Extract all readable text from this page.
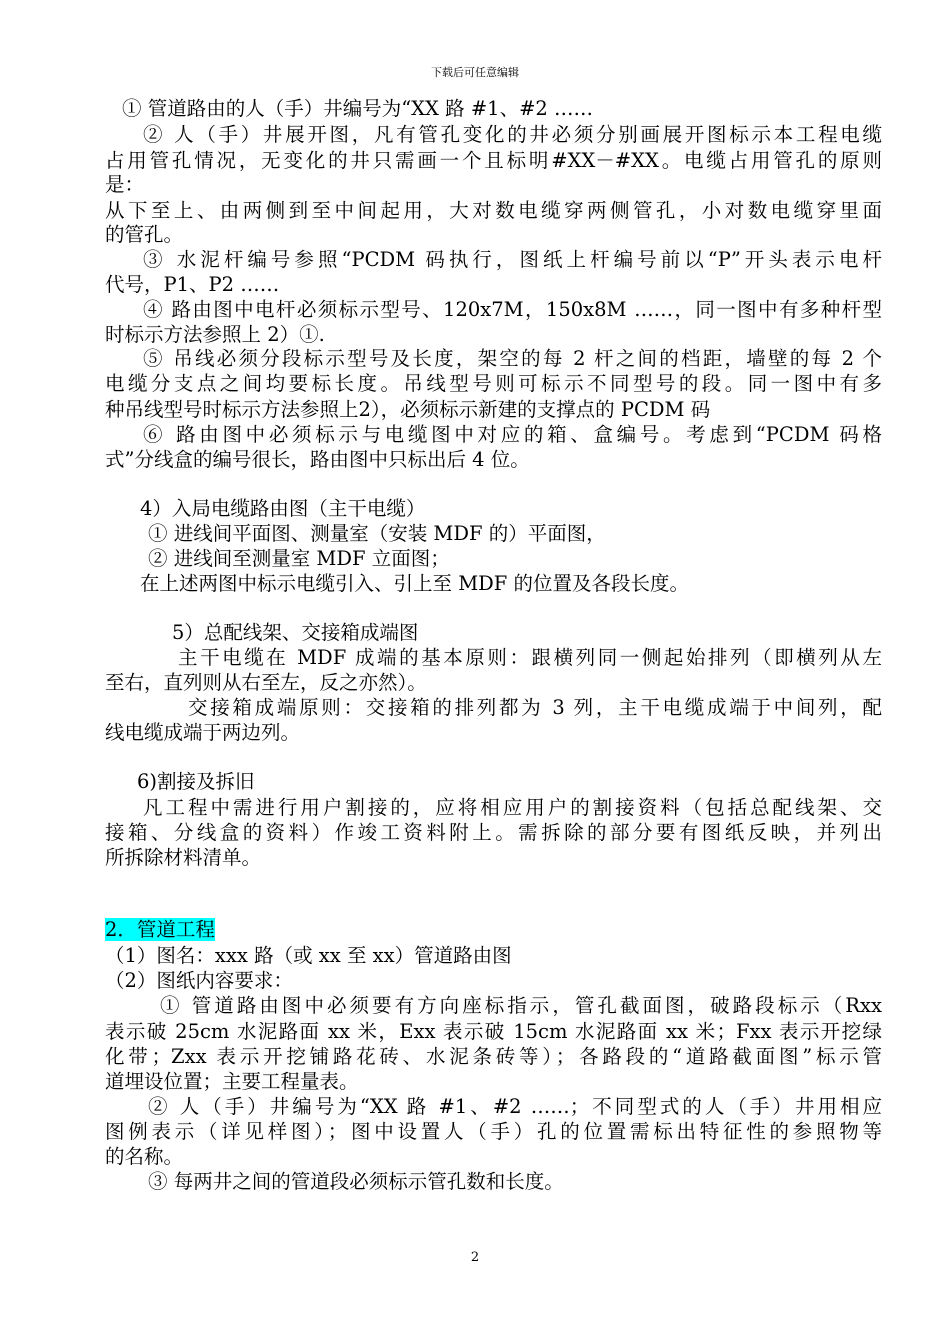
下载后可任意编辑
① 管道路由的人（手）井编号为“XX 路 #1、#2 ……
② 人（手）井展开图，凡有管孔变化的井必须分别画展开图标示本工程电缆
占用管孔情况，无变化的井只需画一个且标明#XX－#XX。电缆占用管孔的原则
是：
从下至上、由两侧到至中间起用，大对数电缆穿两侧管孔，小对数电缆穿里面
的管孔。
③ 水泥杆编号参照“PCDM 码执行，图纸上杆编号前以“P”开头表示电杆
代号，P1、P2 ……
④ 路由图中电杆必须标示型号、120x7M，150x8M ……，同一图中有多种杆型
时标示方法参照上 2）①.
⑤ 吊线必须分段标示型号及长度，架空的每 2 杆之间的档距，墙壁的每 2 个
电缆分支点之间均要标长度。吊线型号则可标示不同型号的段。同一图中有多
种吊线型号时标示方法参照上2），必须标示新建的支撑点的 PCDM 码
⑥ 路由图中必须标示与电缆图中对应的箱、盒编号。考虑到“PCDM 码格
式”分线盒的编号很长，路由图中只标出后 4 位。
4）入局电缆路由图（主干电缆）
① 进线间平面图、测量室（安装 MDF 的）平面图，
② 进线间至测量室 MDF 立面图；
在上述两图中标示电缆引入、引上至 MDF 的位置及各段长度。
5）总配线架、交接箱成端图
主干电缆在 MDF 成端的基本原则：跟横列同一侧起始排列（即横列从左
至右，直列则从右至左，反之亦然）。
交接箱成端原则：交接箱的排列都为 3 列，主干电缆成端于中间列，配
线电缆成端于两边列。
6)割接及拆旧
凡工程中需进行用户割接的，应将相应用户的割接资料（包括总配线架、交
接箱、分线盒的资料）作竣工资料附上。需拆除的部分要有图纸反映，并列出
所拆除材料清单。
2．管道工程
（1）图名：xxx 路（或 xx 至 xx）管道路由图
（2）图纸内容要求：
① 管道路由图中必须要有方向座标指示，管孔截面图，破路段标示（Rxx
表示破 25cm 水泥路面 xx 米，Exx 表示破 15cm 水泥路面 xx 米；Fxx 表示开挖绿
化带；Zxx 表示开挖铺路花砖、水泥条砖等）；各路段的“道路截面图”标示管
道埋设位置；主要工程量表。
② 人（手）井编号为“XX 路 #1、#2 ……；不同型式的人（手）井用相应
图例表示（详见样图）；图中设置人（手）孔的位置需标出特征性的参照物等
的名称。
③ 每两井之间的管道段必须标示管孔数和长度。
2
